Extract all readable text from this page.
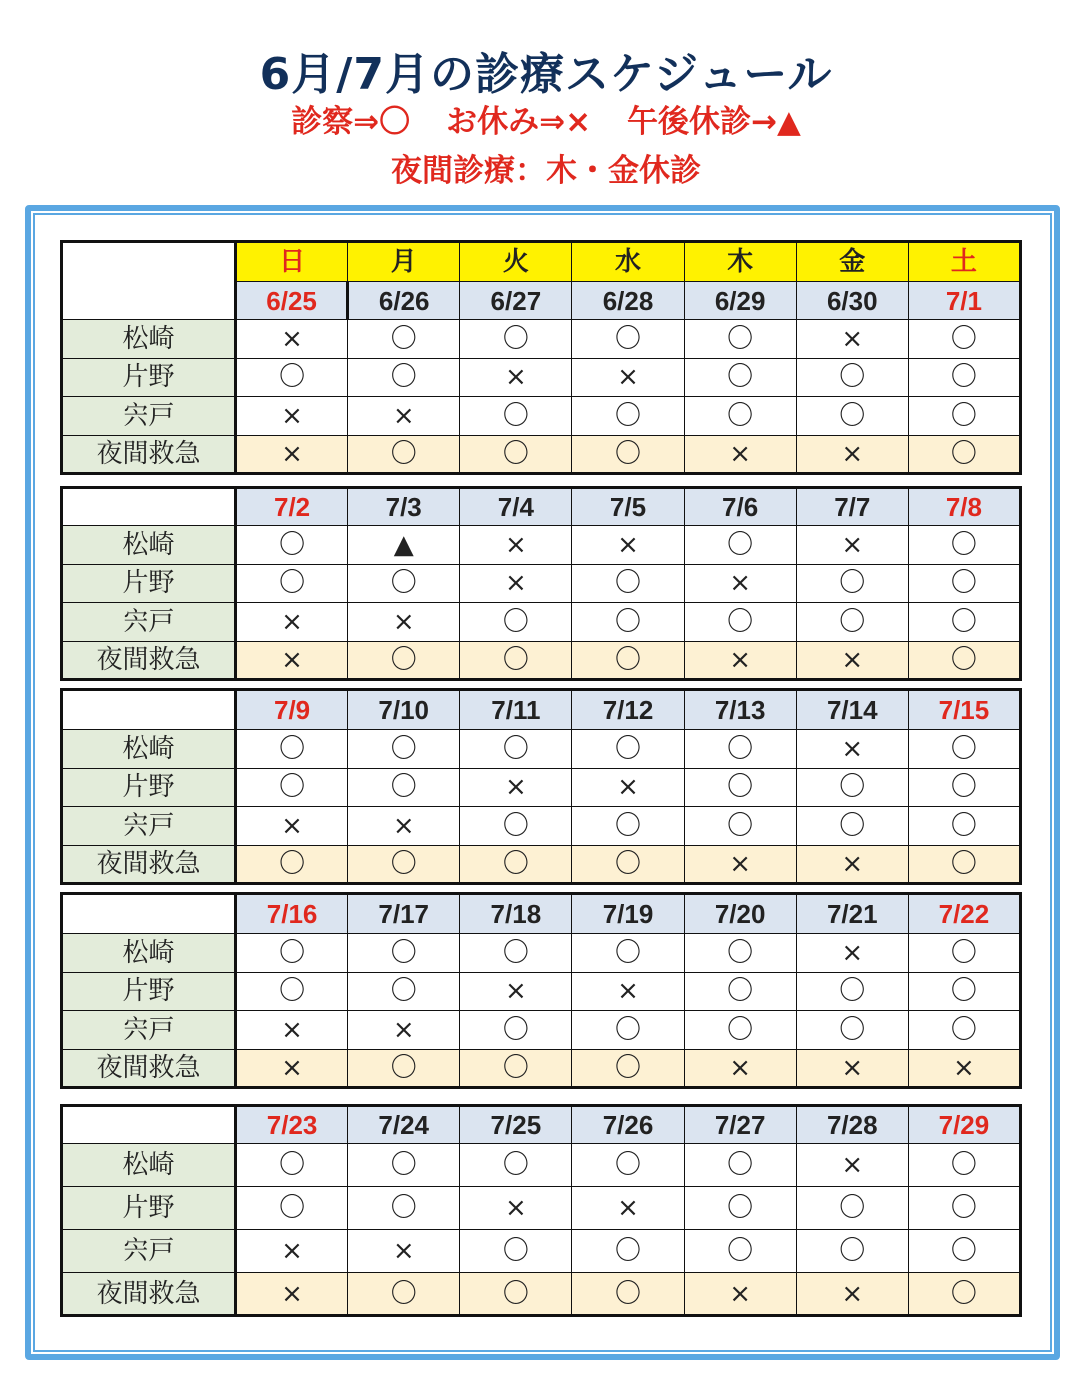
6月/7月の診療スケジュール
診察⇒〇 お休み⇒× 午後休診→▲
夜間診療：木・金休診
	日	月	火	水	木	金	土
	6/25	6/26	6/27	6/28	6/29	6/30	7/1
松崎	×	〇	〇	〇	〇	×	〇
片野	〇	〇	×	×	〇	〇	〇
宍戸	×	×	〇	〇	〇	〇	〇
夜間救急	×	〇	〇	〇	×	×	〇
	7/2	7/3	7/4	7/5	7/6	7/7	7/8
松崎	〇	▲	×	×	〇	×	〇
片野	〇	〇	×	〇	×	〇	〇
宍戸	×	×	〇	〇	〇	〇	〇
夜間救急	×	〇	〇	〇	×	×	〇
	7/9	7/10	7/11	7/12	7/13	7/14	7/15
松崎	〇	〇	〇	〇	〇	×	〇
片野	〇	〇	×	×	〇	〇	〇
宍戸	×	×	〇	〇	〇	〇	〇
夜間救急	〇	〇	〇	〇	×	×	〇
	7/16	7/17	7/18	7/19	7/20	7/21	7/22
松崎	〇	〇	〇	〇	〇	×	〇
片野	〇	〇	×	×	〇	〇	〇
宍戸	×	×	〇	〇	〇	〇	〇
夜間救急	×	〇	〇	〇	×	×	×
	7/23	7/24	7/25	7/26	7/27	7/28	7/29
松崎	〇	〇	〇	〇	〇	×	〇
片野	〇	〇	×	×	〇	〇	〇
宍戸	×	×	〇	〇	〇	〇	〇
夜間救急	×	〇	〇	〇	×	×	〇
